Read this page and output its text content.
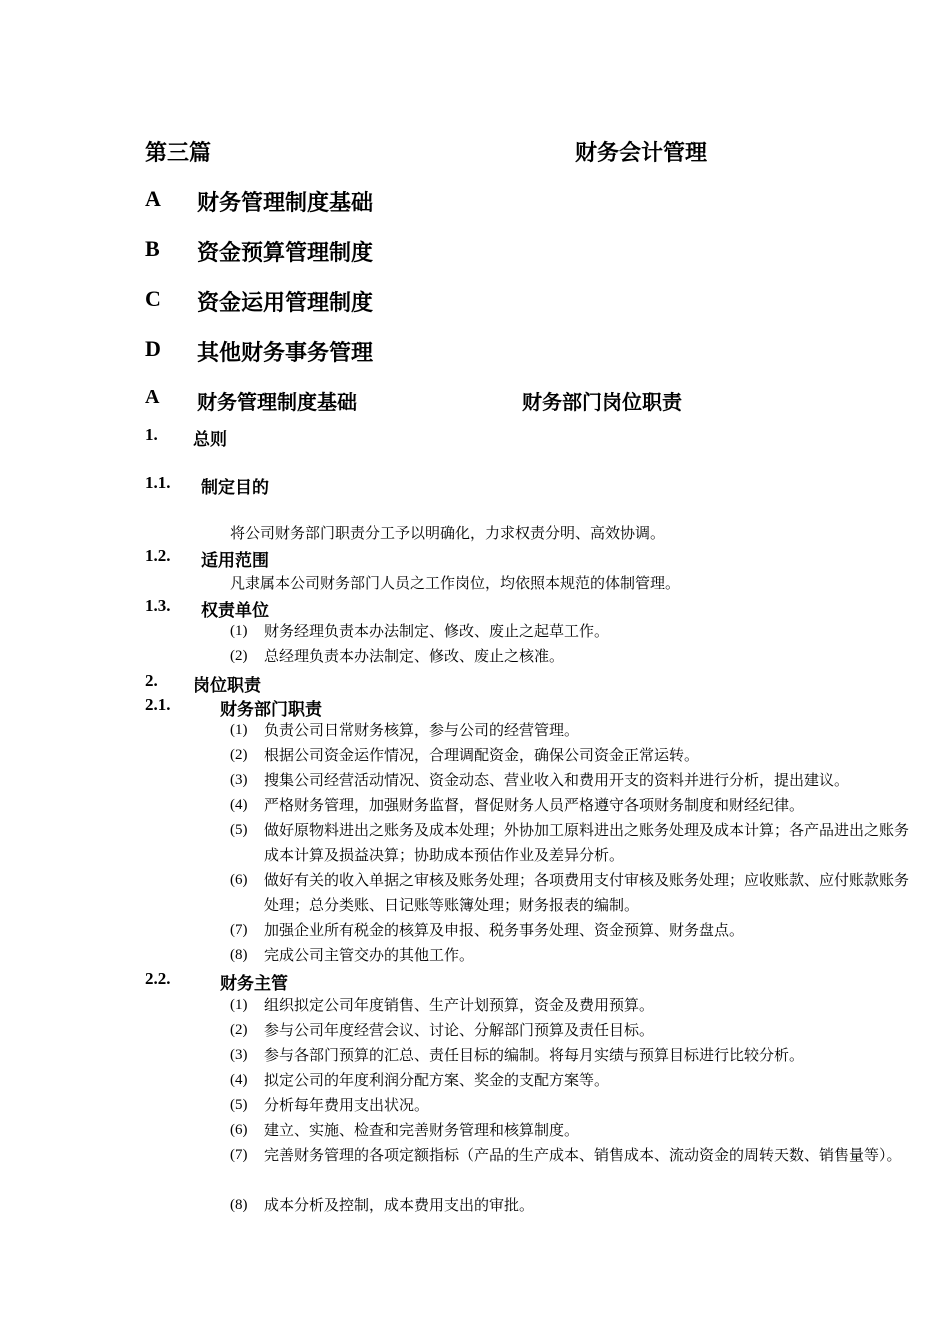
第三篇	财务会计管理
A 财务管理制度基础
B 资金预算管理制度
C 资金运用管理制度
D 其他财务事务管理
A 财务管理制度基础	财务部门岗位职责
1. 总则
1.1. 制定目的
将公司财务部门职责分工予以明确化，力求权责分明、高效协调。
1.2. 适用范围
凡隶属本公司财务部门人员之工作岗位，均依照本规范的体制管理。
1.3. 权责单位
(1) 财务经理负责本办法制定、修改、废止之起草工作。
(2) 总经理负责本办法制定、修改、废止之核准。
2. 岗位职责
2.1.	财务部门职责
(1) 负责公司日常财务核算，参与公司的经营管理。
(2) 根据公司资金运作情况，合理调配资金，确保公司资金正常运转。
(3) 搜集公司经营活动情况、资金动态、营业收入和费用开支的资料并进行分析，提出建议。
(4) 严格财务管理，加强财务监督，督促财务人员严格遵守各项财务制度和财经纪律。
(5) 做好原物料进出之账务及成本处理；外协加工原料进出之账务处理及成本计算；各产品进出之账务成本计算及损益决算；协助成本预估作业及差异分析。
(6) 做好有关的收入单据之审核及账务处理；各项费用支付审核及账务处理；应收账款、应付账款账务处理；总分类账、日记账等账簿处理；财务报表的编制。
(7) 加强企业所有税金的核算及申报、税务事务处理、资金预算、财务盘点。
(8) 完成公司主管交办的其他工作。
2.2.	财务主管
(1) 组织拟定公司年度销售、生产计划预算，资金及费用预算。
(2) 参与公司年度经营会议、讨论、分解部门预算及责任目标。
(3) 参与各部门预算的汇总、责任目标的编制。将每月实绩与预算目标进行比较分析。
(4) 拟定公司的年度利润分配方案、奖金的支配方案等。
(5) 分析每年费用支出状况。
(6) 建立、实施、检查和完善财务管理和核算制度。
(7) 完善财务管理的各项定额指标（产品的生产成本、销售成本、流动资金的周转天数、销售量等）。
(8) 成本分析及控制，成本费用支出的审批。
